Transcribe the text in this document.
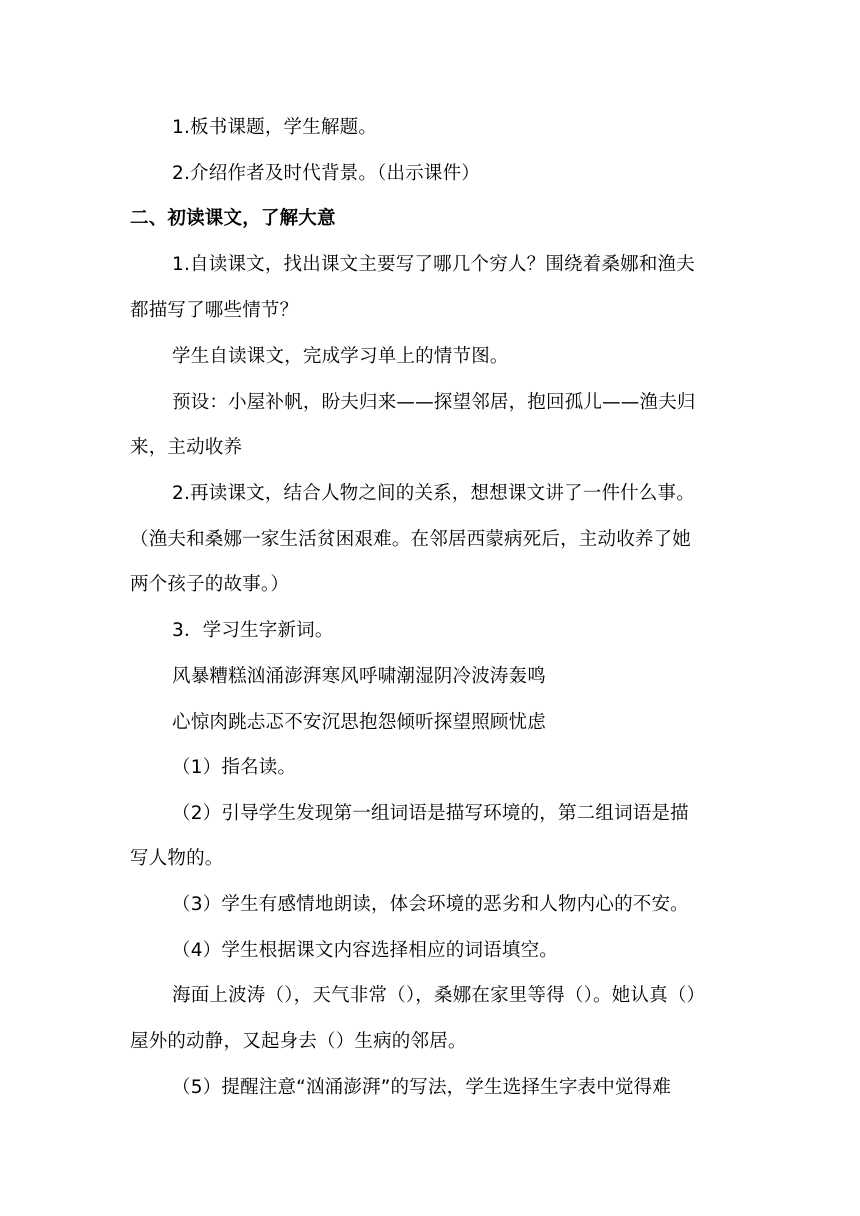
1.板书课题，学生解题。
2.介绍作者及时代背景。（出示课件）
二、初读课文，了解大意
1.自读课文，找出课文主要写了哪几个穷人？围绕着桑娜和渔夫
都描写了哪些情节？
学生自读课文，完成学习单上的情节图。
预设：小屋补帆，盼夫归来——探望邻居，抱回孤儿——渔夫归
来，主动收养
2.再读课文，结合人物之间的关系，想想课文讲了一件什么事。
（渔夫和桑娜一家生活贫困艰难。在邻居西蒙病死后，主动收养了她
两个孩子的故事。）
3．学习生字新词。
风暴糟糕汹涌澎湃寒风呼啸潮湿阴冷波涛轰鸣
心惊肉跳忐忑不安沉思抱怨倾听探望照顾忧虑
（1）指名读。
（2）引导学生发现第一组词语是描写环境的，第二组词语是描
写人物的。
（3）学生有感情地朗读，体会环境的恶劣和人物内心的不安。
（4）学生根据课文内容选择相应的词语填空。
海面上波涛（），天气非常（），桑娜在家里等得（）。她认真（）
屋外的动静，又起身去（）生病的邻居。
（5）提醒注意“汹涌澎湃”的写法，学生选择生字表中觉得难
